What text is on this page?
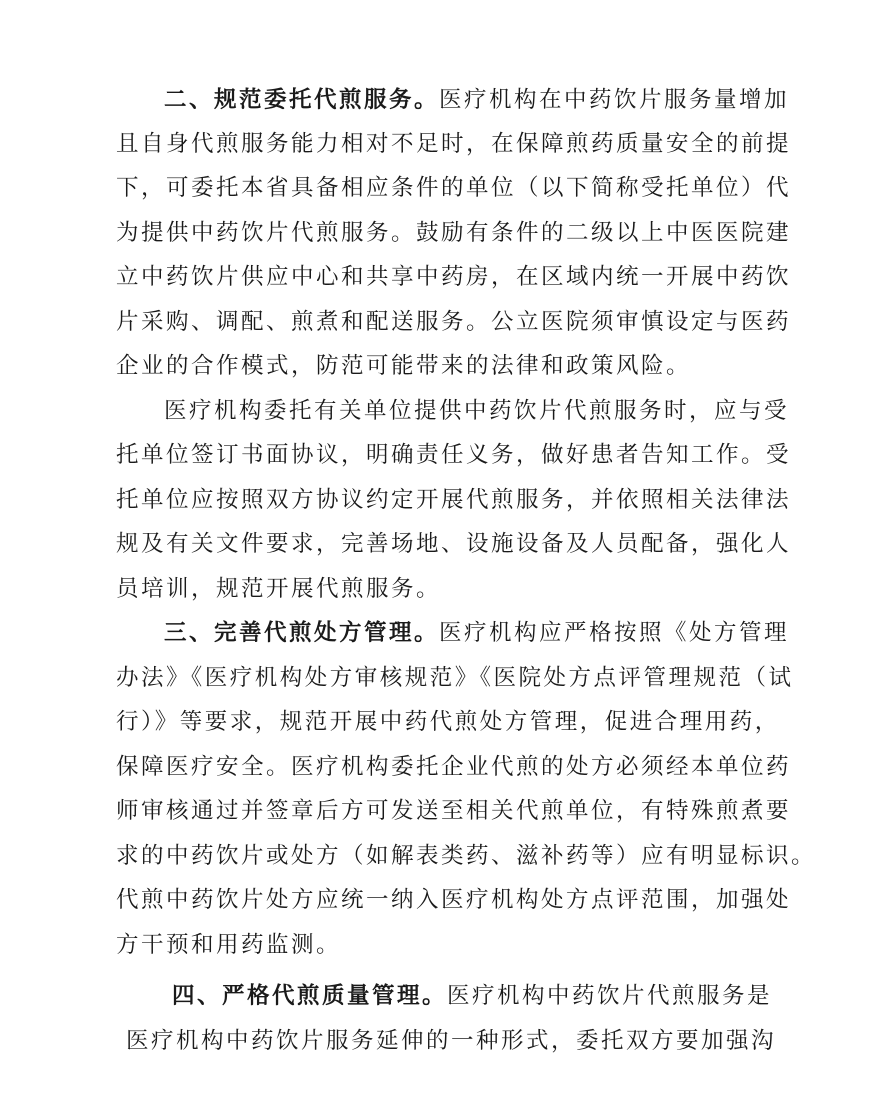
二、规范委托代煎服务。医疗机构在中药饮片服务量增加
且自身代煎服务能力相对不足时，在保障煎药质量安全的前提
下，可委托本省具备相应条件的单位（以下简称受托单位）代
为提供中药饮片代煎服务。鼓励有条件的二级以上中医医院建
立中药饮片供应中心和共享中药房，在区域内统一开展中药饮
片采购、调配、煎煮和配送服务。公立医院须审慎设定与医药
企业的合作模式，防范可能带来的法律和政策风险。
医疗机构委托有关单位提供中药饮片代煎服务时，应与受
托单位签订书面协议，明确责任义务，做好患者告知工作。受
托单位应按照双方协议约定开展代煎服务，并依照相关法律法
规及有关文件要求，完善场地、设施设备及人员配备，强化人
员培训，规范开展代煎服务。
三、完善代煎处方管理。医疗机构应严格按照《处方管理
办法》《医疗机构处方审核规范》《医院处方点评管理规范（试
行）》等要求，规范开展中药代煎处方管理，促进合理用药，
保障医疗安全。医疗机构委托企业代煎的处方必须经本单位药
师审核通过并签章后方可发送至相关代煎单位，有特殊煎煮要
求的中药饮片或处方（如解表类药、滋补药等）应有明显标识。
代煎中药饮片处方应统一纳入医疗机构处方点评范围，加强处
方干预和用药监测。
四、严格代煎质量管理。医疗机构中药饮片代煎服务是
医疗机构中药饮片服务延伸的一种形式，委托双方要加强沟
